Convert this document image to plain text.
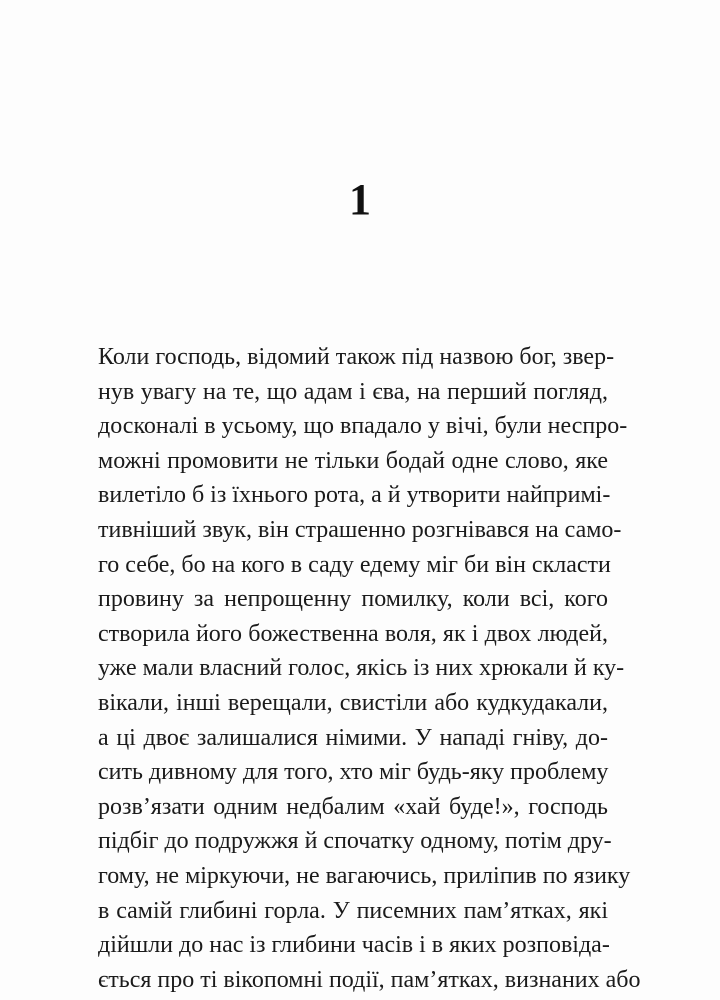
1
Коли господь, відомий також під назвою бог, звер-
нув увагу на те, що адам і єва, на перший погляд,
досконалі в усьому, що впадало у вічі, були неспро-
можні промовити не тільки бодай одне слово, яке
вилетіло б із їхнього рота, а й утворити найпримі-
тивніший звук, він страшенно розгнівався на само-
го себе, бо на кого в саду едему міг би він скласти
провину за непрощенну помилку, коли всі, кого
створила його божественна воля, як і двох людей,
уже мали власний голос, якісь із них хрюкали й ку-
вікали, інші верещали, свистіли або кудкудакали,
а ці двоє залишалися німими. У нападі гніву, до-
сить дивному для того, хто міг будь-яку проблему
розв’язати одним недбалим «хай буде!», господь
підбіг до подружжя й спочатку одному, потім дру-
гому, не міркуючи, не вагаючись, приліпив по язику
в самій глибині горла. У писемних пам’ятках, які
дійшли до нас із глибини часів і в яких розповіда-
ється про ті вікопомні події, пам’ятках, визнаних або
